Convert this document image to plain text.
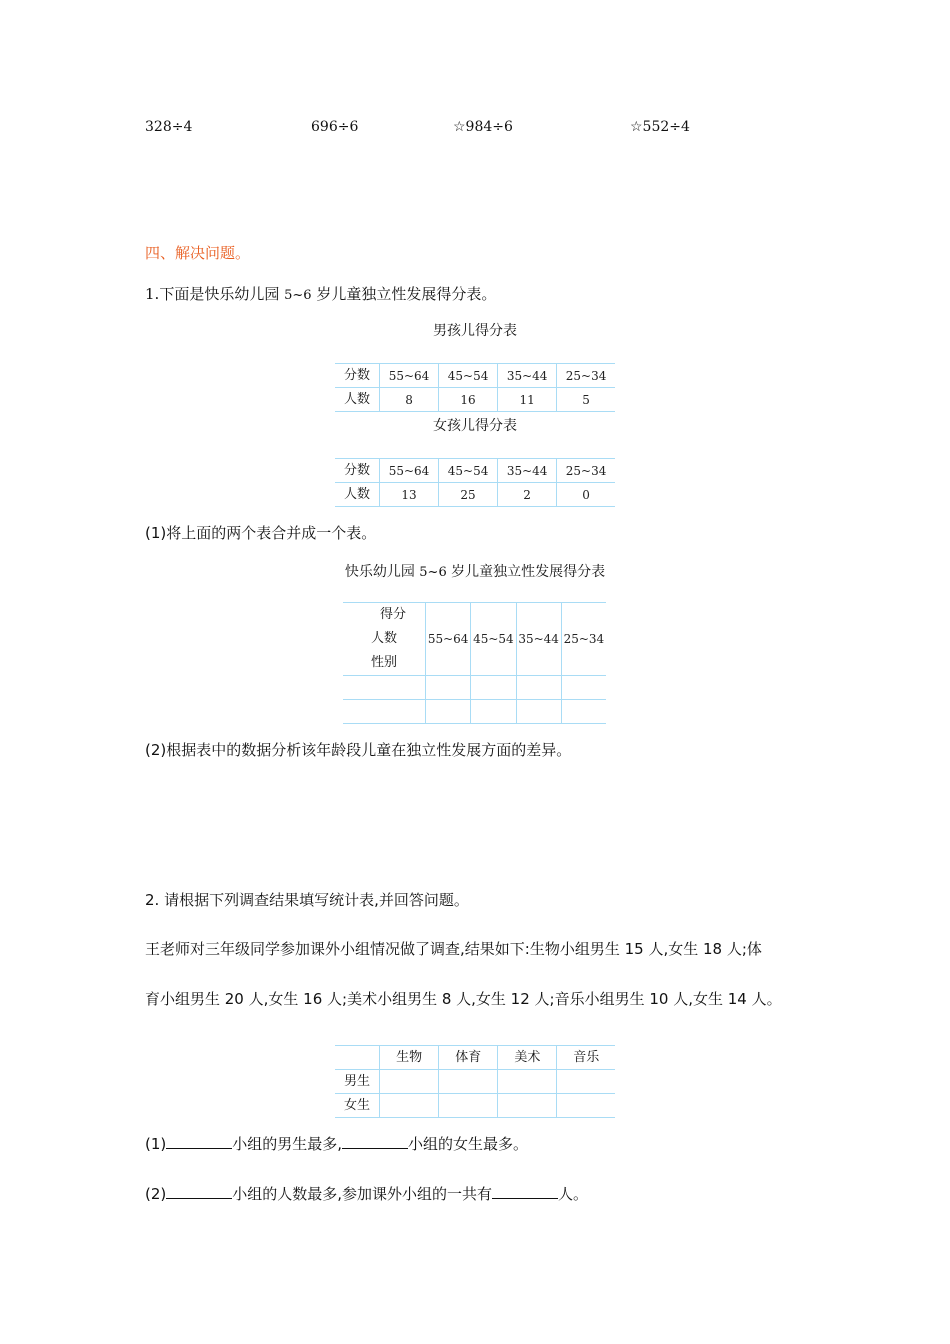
328÷4	696÷6	☆984÷6	☆552÷4
四、解决问题。
1.下面是快乐幼儿园 5~6 岁儿童独立性发展得分表。
男孩儿得分表
分数	55~64	45~54	35~44	25~34
人数	8	16	11	5
女孩儿得分表
分数	55~64	45~54	35~44	25~34
人数	13	25	2	0
(1)将上面的两个表合并成一个表。
快乐幼儿园 5~6 岁儿童独立性发展得分表
得分
人数
性别	55~64	45~54	35~44	25~34

(2)根据表中的数据分析该年龄段儿童在独立性发展方面的差异。
2. 请根据下列调查结果填写统计表,并回答问题。
王老师对三年级同学参加课外小组情况做了调查,结果如下:生物小组男生 15 人,女生 18 人;体
育小组男生 20 人,女生 16 人;美术小组男生 8 人,女生 12 人;音乐小组男生 10 人,女生 14 人。
	生物	体育	美术	音乐
男生				
女生				
(1)	小组的男生最多,	小组的女生最多。
(2)	小组的人数最多,参加课外小组的一共有	人。
